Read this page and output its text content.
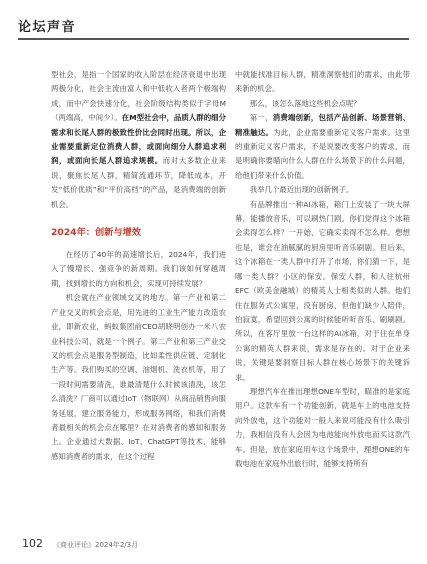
论坛声音

型社会，是指一个国家的收入阶层在经济衰退中出现两极分化，社会主流由富人和中低收入者两个极端构成，而中产会快速分化，社会阶级结构类似于字母M（两端高，中间少）。在M型社会中，品质人群的细分需求和长尾人群的极致性价比会同时出现。所以，企业需要重新定位消费人群，或面向细分人群追求利润，或面向长尾人群追求规模。而对大多数企业来说，聚焦长尾人群，精简流通环节，降低成本，开发“低价优质”和“平价高档”的产品，是消费端的创新机会。

2024年：创新与增效

在经历了40年的高速增长后，2024年，我们进入了慢增长、强竞争的新周期。我们该如何穿越周期，找到增长的方向和机会，实现可持续发展？

机会就在产业领域交叉的地方。第一产业和第二产业交叉的机会点是，用先进的工业生产能力改造农业，即新农业，蚂蚁集团前CEO胡晓明创办一米八农业科技公司，就是一个例子。第二产业和第三产业交叉的机会点是服务型制造，比如柔性供应链、定制化生产等。我们购买的空调、油烟机、洗衣机等，用了一段时间需要清洗，谁最清楚什么时候该清洗，该怎么清洗？厂商可以通过IoT（物联网）从商品销售向服务延展，建立服务能力，形成服务网络，和我们消费者最相关的机会点在哪里？在对消费者的感知和服务上。企业通过大数据、IoT、ChatGPT等技术，能够感知消费者的需求，在这个过程

中就能找准目标人群，精准洞察他们的需求，由此带来新的机会。

那么，该怎么落地这些机会点呢？

第一，消费端创新，包括产品创新、场景营销、精准触达。为此，企业需要重新定义客户需求。这里的重新定义客户需求，不是说要改变客户的需求，而是明确你要瞄向什么人群在什么场景下的什么问题，给他们带来什么价值。

我举几个最近出现的创新例子。

有品牌推出一种AI冰箱，箱门上安装了一块大屏幕，能播放音乐，可以刷热门剧。你们觉得这个冰箱会卖得怎么样？一开始，它确实卖得不怎么样。想想也是，谁会在油腻腻的厨房里听音乐刷剧。但后来，这个冰箱在一类人群中打开了市场，你们猜一下，是哪一类人群？小区的保安。保安人群，和人住杭州EFC（欧美金融城）的精英人士相类似的人群。他们住在服务式公寓里，没有厨房，但他们缺少人陪伴，怕寂寞，希望回到公寓的时候能听听音乐、刷刷剧。所以，在客厅里放一台这样的AI冰箱，对于住在单身公寓的精英人群来说，需求是存在的。对于企业来说，关键是要洞察目标人群在核心场景下的关键诉求。

理想汽车在推出理想ONE车型时，瞄准的是家庭用户。这款车有一个功能创新，就是车上的电池支持向外放电，这个功能对一般人来说可能没有什么吸引力，我相信没有人会因为电池能向外放电而买这款汽车。但是，放在家庭用车这个场景中，理想ONE的车载电池在家庭外出旅行时，能够支持所有

102 《商业评论》2024年2/3月
